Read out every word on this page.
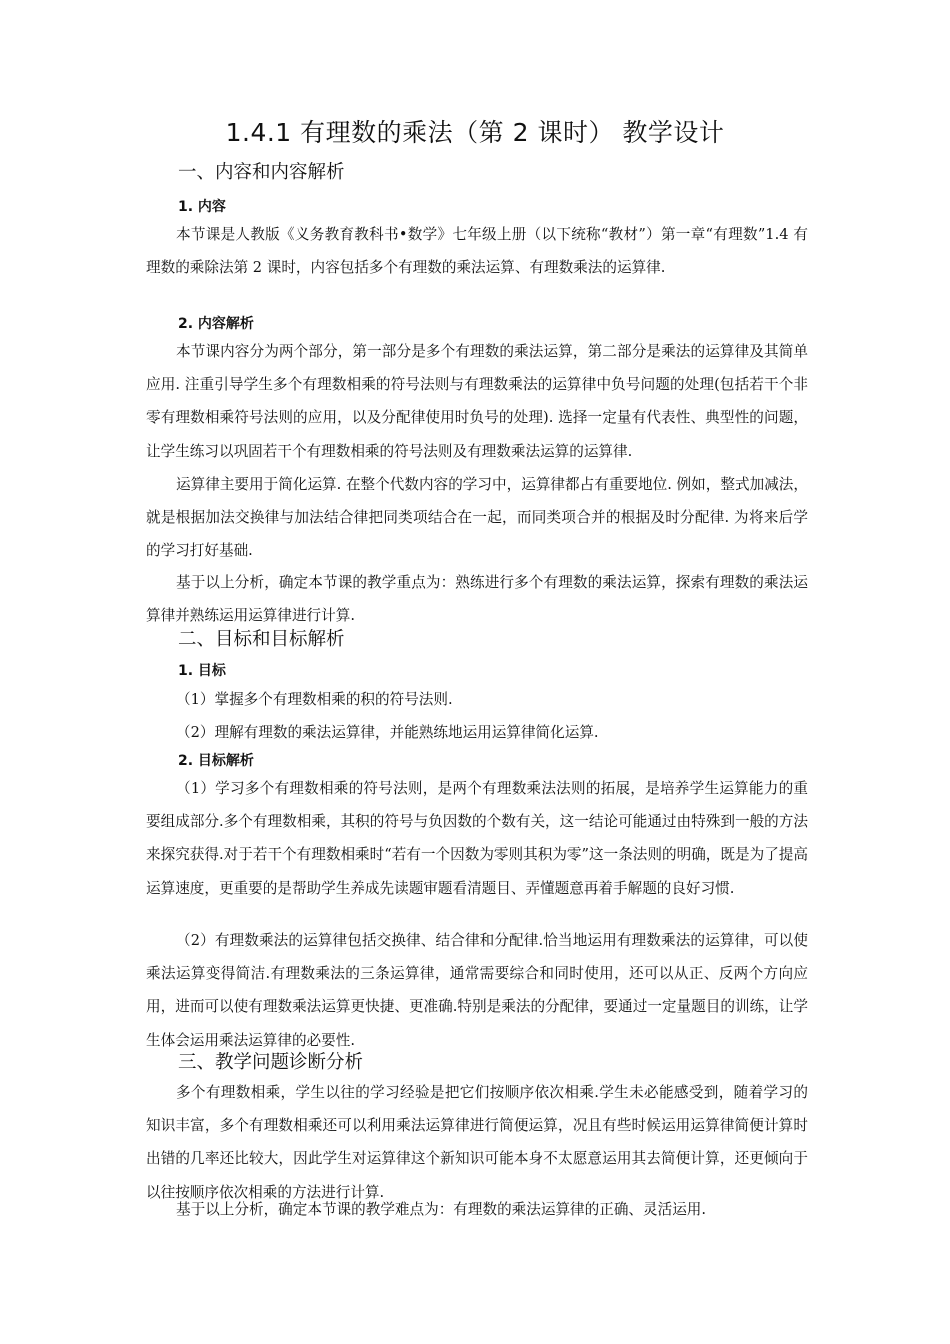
1.4.1 有理数的乘法（第 2 课时） 教学设计
一、内容和内容解析
1. 内容
本节课是人教版《义务教育教科书•数学》七年级上册（以下统称“教材”）第一章“有理数”1.4 有理数的乘除法第 2 课时，内容包括多个有理数的乘法运算、有理数乘法的运算律.
2. 内容解析
本节课内容分为两个部分，第一部分是多个有理数的乘法运算，第二部分是乘法的运算律及其简单应用. 注重引导学生多个有理数相乘的符号法则与有理数乘法的运算律中负号问题的处理(包括若干个非零有理数相乘符号法则的应用，以及分配律使用时负号的处理). 选择一定量有代表性、典型性的问题，让学生练习以巩固若干个有理数相乘的符号法则及有理数乘法运算的运算律.
运算律主要用于简化运算. 在整个代数内容的学习中，运算律都占有重要地位. 例如，整式加减法，就是根据加法交换律与加法结合律把同类项结合在一起，而同类项合并的根据及时分配律. 为将来后学的学习打好基础.
基于以上分析，确定本节课的教学重点为：熟练进行多个有理数的乘法运算，探索有理数的乘法运算律并熟练运用运算律进行计算.
二、目标和目标解析
1. 目标
（1）掌握多个有理数相乘的积的符号法则.
（2）理解有理数的乘法运算律，并能熟练地运用运算律简化运算.
2. 目标解析
（1）学习多个有理数相乘的符号法则，是两个有理数乘法法则的拓展，是培养学生运算能力的重要组成部分.多个有理数相乘，其积的符号与负因数的个数有关，这一结论可能通过由特殊到一般的方法来探究获得.对于若干个有理数相乘时“若有一个因数为零则其积为零”这一条法则的明确，既是为了提高运算速度，更重要的是帮助学生养成先读题审题看清题目、弄懂题意再着手解题的良好习惯.
（2）有理数乘法的运算律包括交换律、结合律和分配律.恰当地运用有理数乘法的运算律，可以使乘法运算变得简洁.有理数乘法的三条运算律，通常需要综合和同时使用，还可以从正、反两个方向应用，进而可以使有理数乘法运算更快捷、更准确.特别是乘法的分配律，要通过一定量题目的训练，让学生体会运用乘法运算律的必要性.
三、教学问题诊断分析
多个有理数相乘，学生以往的学习经验是把它们按顺序依次相乘.学生未必能感受到，随着学习的知识丰富，多个有理数相乘还可以利用乘法运算律进行简便运算，况且有些时候运用运算律简便计算时出错的几率还比较大，因此学生对运算律这个新知识可能本身不太愿意运用其去简便计算，还更倾向于以往按顺序依次相乘的方法进行计算.
基于以上分析，确定本节课的教学难点为：有理数的乘法运算律的正确、灵活运用.
